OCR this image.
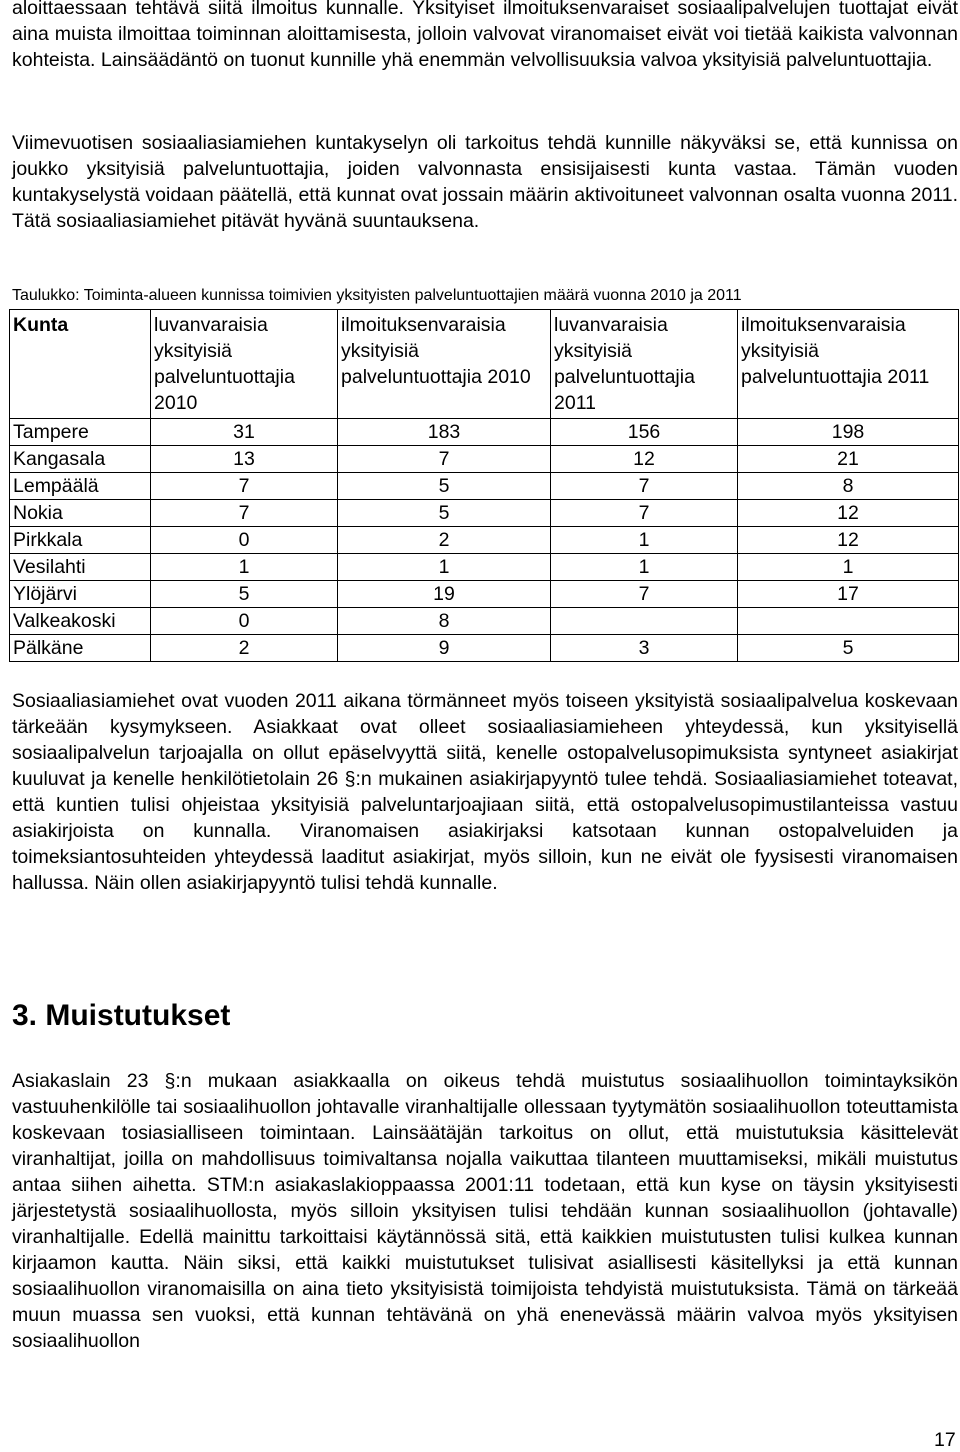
aloittaessaan tehtävä siitä ilmoitus kunnalle. Yksityiset ilmoituksenvaraiset sosiaalipalvelujen tuottajat eivät aina muista ilmoittaa toiminnan aloittamisesta, jolloin valvovat viranomaiset eivät voi tietää kaikista valvonnan kohteista. Lainsäädäntö on tuonut kunnille yhä enemmän velvollisuuksia valvoa yksityisiä palveluntuottajia.

Viimevuotisen sosiaaliasiamiehen kuntakyselyn oli tarkoitus tehdä kunnille näkyväksi se, että kunnissa on joukko yksityisiä palveluntuottajia, joiden valvonnasta ensisijaisesti kunta vastaa. Tämän vuoden kuntakyselystä voidaan päätellä, että kunnat ovat jossain määrin aktivoituneet valvonnan osalta vuonna 2011. Tätä sosiaaliasiamiehet pitävät hyvänä suuntauksena.

Taulukko: Toiminta-alueen kunnissa toimivien yksityisten palveluntuottajien määrä vuonna 2010 ja 2011
Kunta	luvanvaraisia yksityisiä palveluntuottajia 2010	ilmoituksenvaraisia yksityisiä palveluntuottajia 2010	luvanvaraisia yksityisiä palveluntuottajia 2011	ilmoituksenvaraisia yksityisiä palveluntuottajia 2011
Tampere	31	183	156	198
Kangasala	13	7	12	21
Lempäälä	7	5	7	8
Nokia	7	5	7	12
Pirkkala	0	2	1	12
Vesilahti	1	1	1	1
Ylöjärvi	5	19	7	17
Valkeakoski	0	8		
Pälkäne	2	9	3	5

Sosiaaliasiamiehet ovat vuoden 2011 aikana törmänneet myös toiseen yksityistä sosiaalipalvelua koskevaan tärkeään kysymykseen. Asiakkaat ovat olleet sosiaaliasiamieheen yhteydessä, kun yksityisellä sosiaalipalvelun tarjoajalla on ollut epäselvyyttä siitä, kenelle ostopalvelusopimuksista syntyneet asiakirjat kuuluvat ja kenelle henkilötietolain 26 §:n mukainen asiakirjapyyntö tulee tehdä. Sosiaaliasiamiehet toteavat, että kuntien tulisi ohjeistaa yksityisiä palveluntarjoajiaan siitä, että ostopalvelusopimustilanteissa vastuu asiakirjoista on kunnalla. Viranomaisen asiakirjaksi katsotaan kunnan ostopalveluiden ja toimeksiantosuhteiden yhteydessä laaditut asiakirjat, myös silloin, kun ne eivät ole fyysisesti viranomaisen hallussa. Näin ollen asiakirjapyyntö tulisi tehdä kunnalle.

3. Muistutukset

Asiakaslain 23 §:n mukaan asiakkaalla on oikeus tehdä muistutus sosiaalihuollon toimintayksikön vastuuhenkilölle tai sosiaalihuollon johtavalle viranhaltijalle ollessaan tyytymätön sosiaalihuollon toteuttamista koskevaan tosiasialliseen toimintaan. Lainsäätäjän tarkoitus on ollut, että muistutuksia käsittelevät viranhaltijat, joilla on mahdollisuus toimivaltansa nojalla vaikuttaa tilanteen muuttamiseksi, mikäli muistutus antaa siihen aihetta. STM:n asiakaslakioppaassa 2001:11 todetaan, että kun kyse on täysin yksityisesti järjestetystä sosiaalihuollosta, myös silloin yksityisen tulisi tehdään kunnan sosiaalihuollon (johtavalle) viranhaltijalle. Edellä mainittu tarkoittaisi käytännössä sitä, että kaikkien muistutusten tulisi kulkea kunnan kirjaamon kautta. Näin siksi, että kaikki muistutukset tulisivat asiallisesti käsitellyksi ja että kunnan sosiaalihuollon viranomaisilla on aina tieto yksityisistä toimijoista tehdyistä muistutuksista. Tämä on tärkeää muun muassa sen vuoksi, että kunnan tehtävänä on yhä enenevässä määrin valvoa myös yksityisen sosiaalihuollon

17
